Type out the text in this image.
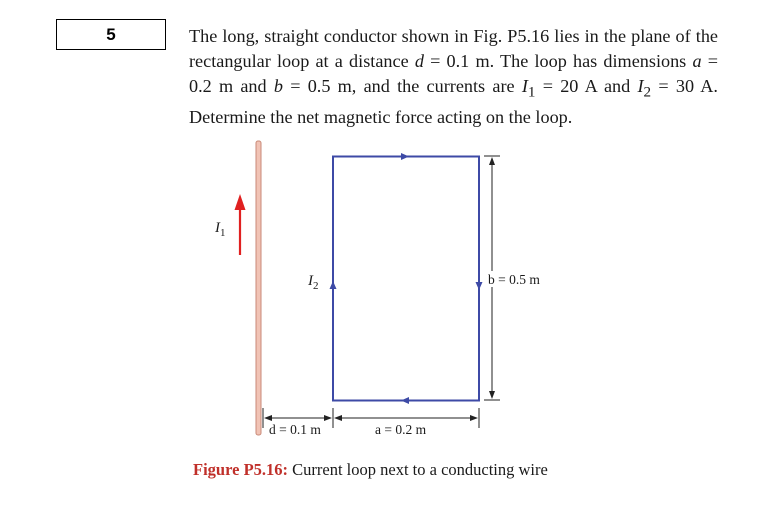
5	The long, straight conductor shown in Fig. P5.16 lies in the plane of the rectangular loop at a distance d = 0.1 m. The loop has dimensions a = 0.2 m and b = 0.5 m, and the currents are $I_1 = 20$ A and $I_2 = 30$ A. Determine the net magnetic force acting on the loop.

$I_1$
$I_2$	b = 0.5 m
d = 0.1 m	a = 0.2 m

Figure P5.16: Current loop next to a conducting wire
